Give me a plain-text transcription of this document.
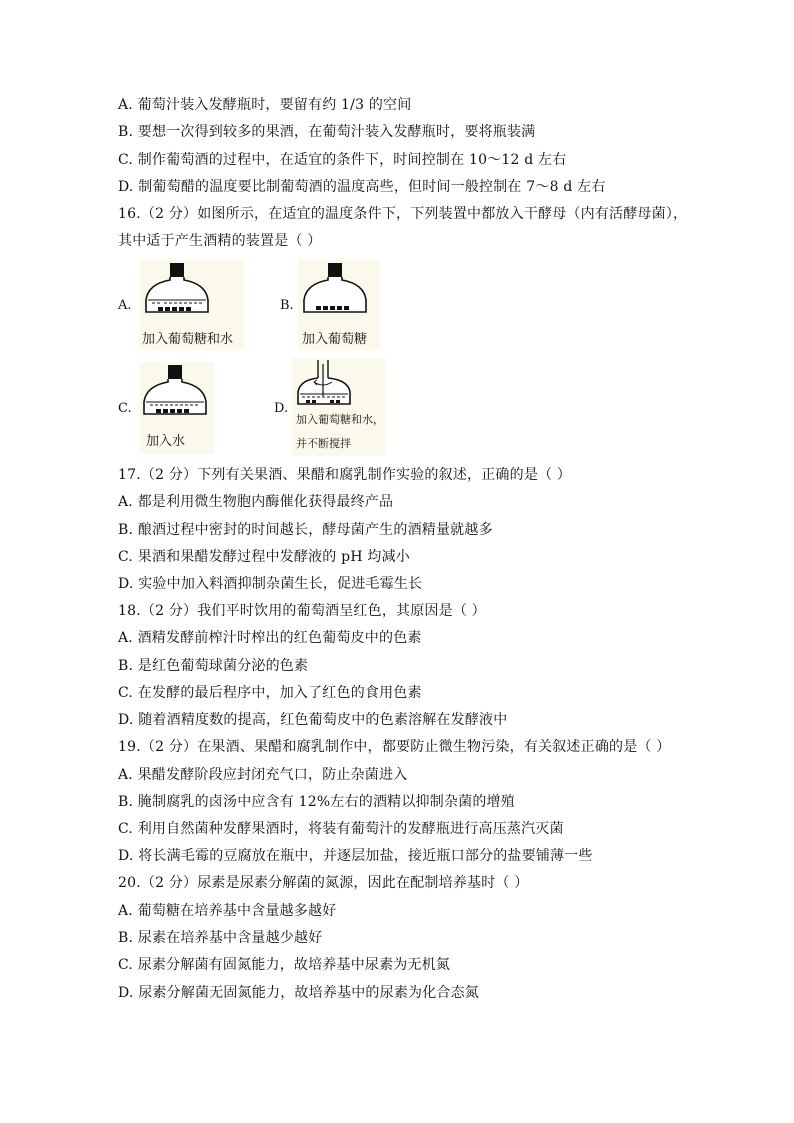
A. 葡萄汁装入发酵瓶时，要留有约 1/3 的空间
B. 要想一次得到较多的果酒，在葡萄汁装入发酵瓶时，要将瓶装满
C. 制作葡萄酒的过程中，在适宜的条件下，时间控制在 10～12 d 左右
D. 制葡萄醋的温度要比制葡萄酒的温度高些，但时间一般控制在 7～8 d 左右
16.（2 分）如图所示，在适宜的温度条件下，下列装置中都放入干酵母（内有活酵母菌），
其中适于产生酒精的装置是（ ）
A.
加入葡萄糖和水
B.
加入葡萄糖
C.
加入水
D.
加入葡萄糖和水，
并不断搅拌
17.（2 分）下列有关果酒、果醋和腐乳制作实验的叙述，正确的是（ ）
A. 都是利用微生物胞内酶催化获得最终产品
B. 酿酒过程中密封的时间越长，酵母菌产生的酒精量就越多
C. 果酒和果醋发酵过程中发酵液的 pH 均减小
D. 实验中加入料酒抑制杂菌生长，促进毛霉生长
18.（2 分）我们平时饮用的葡萄酒呈红色，其原因是（ ）
A. 酒精发酵前榨汁时榨出的红色葡萄皮中的色素
B. 是红色葡萄球菌分泌的色素
C. 在发酵的最后程序中，加入了红色的食用色素
D. 随着酒精度数的提高，红色葡萄皮中的色素溶解在发酵液中
19.（2 分）在果酒、果醋和腐乳制作中，都要防止微生物污染，有关叙述正确的是（ ）
A. 果醋发酵阶段应封闭充气口，防止杂菌进入
B. 腌制腐乳的卤汤中应含有 12%左右的酒精以抑制杂菌的增殖
C. 利用自然菌种发酵果酒时，将装有葡萄汁的发酵瓶进行高压蒸汽灭菌
D. 将长满毛霉的豆腐放在瓶中，并逐层加盐，接近瓶口部分的盐要铺薄一些
20.（2 分）尿素是尿素分解菌的氮源，因此在配制培养基时（ ）
A. 葡萄糖在培养基中含量越多越好
B. 尿素在培养基中含量越少越好
C. 尿素分解菌有固氮能力，故培养基中尿素为无机氮
D. 尿素分解菌无固氮能力，故培养基中的尿素为化合态氮
